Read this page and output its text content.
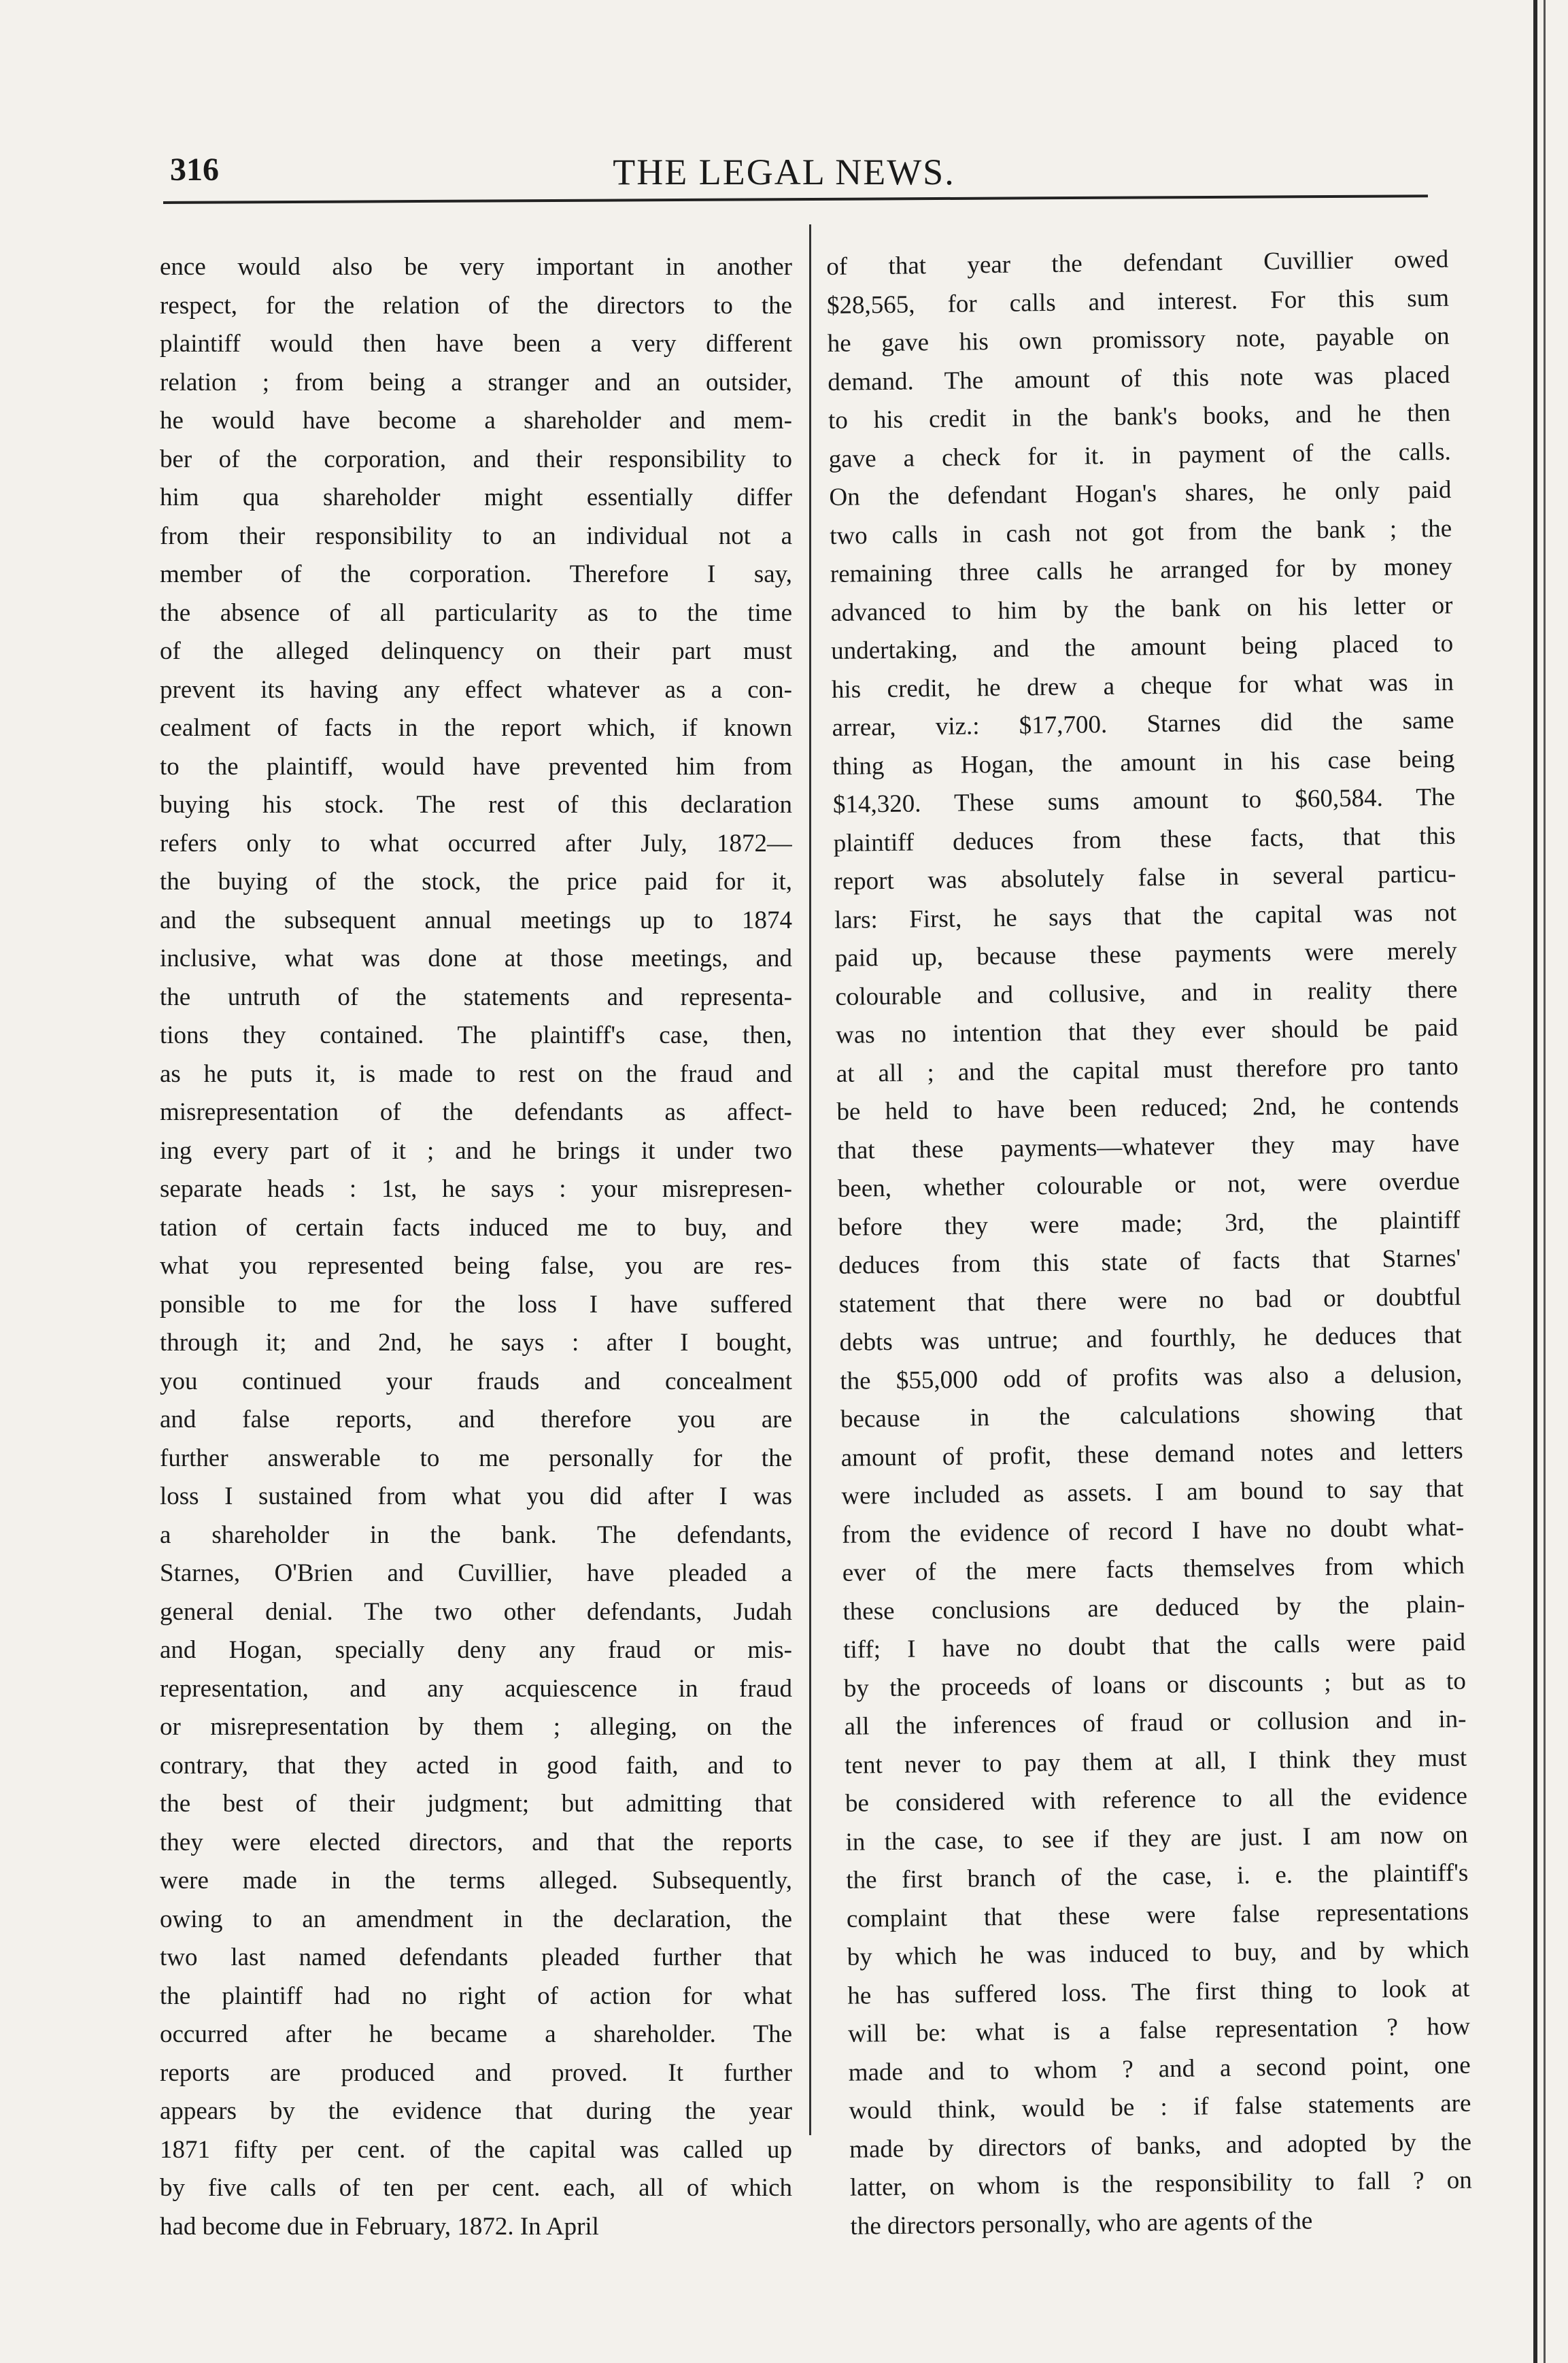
316	THE LEGAL NEWS.
ence would also be very important in another
respect, for the relation of the directors to the
plaintiff would then have been a very different
relation ; from being a stranger and an outsider,
he would have become a shareholder and mem-
ber of the corporation, and their responsibility to
him qua shareholder might essentially differ
from their responsibility to an individual not a
member of the corporation. Therefore I say,
the absence of all particularity as to the time
of the alleged delinquency on their part must
prevent its having any effect whatever as a con-
cealment of facts in the report which, if known
to the plaintiff, would have prevented him from
buying his stock. The rest of this declaration
refers only to what occurred after July, 1872—
the buying of the stock, the price paid for it,
and the subsequent annual meetings up to 1874
inclusive, what was done at those meetings, and
the untruth of the statements and representa-
tions they contained. The plaintiff's case, then,
as he puts it, is made to rest on the fraud and
misrepresentation of the defendants as affect-
ing every part of it ; and he brings it under two
separate heads : 1st, he says : your misrepresen-
tation of certain facts induced me to buy, and
what you represented being false, you are res-
ponsible to me for the loss I have suffered
through it; and 2nd, he says : after I bought,
you continued your frauds and concealment
and false reports, and therefore you are
further answerable to me personally for the
loss I sustained from what you did after I was
a shareholder in the bank. The defendants,
Starnes, O'Brien and Cuvillier, have pleaded a
general denial. The two other defendants, Judah
and Hogan, specially deny any fraud or mis-
representation, and any acquiescence in fraud
or misrepresentation by them ; alleging, on the
contrary, that they acted in good faith, and to
the best of their judgment; but admitting that
they were elected directors, and that the reports
were made in the terms alleged. Subsequently,
owing to an amendment in the declaration, the
two last named defendants pleaded further that
the plaintiff had no right of action for what
occurred after he became a shareholder. The
reports are produced and proved. It further
appears by the evidence that during the year
1871 fifty per cent. of the capital was called up
by five calls of ten per cent. each, all of which
had become due in February, 1872. In April
of that year the defendant Cuvillier owed
$28,565, for calls and interest. For this sum
he gave his own promissory note, payable on
demand. The amount of this note was placed
to his credit in the bank's books, and he then
gave a check for it. in payment of the calls.
On the defendant Hogan's shares, he only paid
two calls in cash not got from the bank ; the
remaining three calls he arranged for by money
advanced to him by the bank on his letter or
undertaking, and the amount being placed to
his credit, he drew a cheque for what was in
arrear, viz.: $17,700. Starnes did the same
thing as Hogan, the amount in his case being
$14,320. These sums amount to $60,584. The
plaintiff deduces from these facts, that this
report was absolutely false in several particu-
lars: First, he says that the capital was not
paid up, because these payments were merely
colourable and collusive, and in reality there
was no intention that they ever should be paid
at all ; and the capital must therefore pro tanto
be held to have been reduced; 2nd, he contends
that these payments—whatever they may have
been, whether colourable or not, were overdue
before they were made; 3rd, the plaintiff
deduces from this state of facts that Starnes'
statement that there were no bad or doubtful
debts was untrue; and fourthly, he deduces that
the $55,000 odd of profits was also a delusion,
because in the calculations showing that
amount of profit, these demand notes and letters
were included as assets. I am bound to say that
from the evidence of record I have no doubt what-
ever of the mere facts themselves from which
these conclusions are deduced by the plain-
tiff; I have no doubt that the calls were paid
by the proceeds of loans or discounts ; but as to
all the inferences of fraud or collusion and in-
tent never to pay them at all, I think they must
be considered with reference to all the evidence
in the case, to see if they are just. I am now on
the first branch of the case, i. e. the plaintiff's
complaint that these were false representations
by which he was induced to buy, and by which
he has suffered loss. The first thing to look at
will be: what is a false representation ? how
made and to whom ? and a second point, one
would think, would be : if false statements are
made by directors of banks, and adopted by the
latter, on whom is the responsibility to fall ? on
the directors personally, who are agents of the
